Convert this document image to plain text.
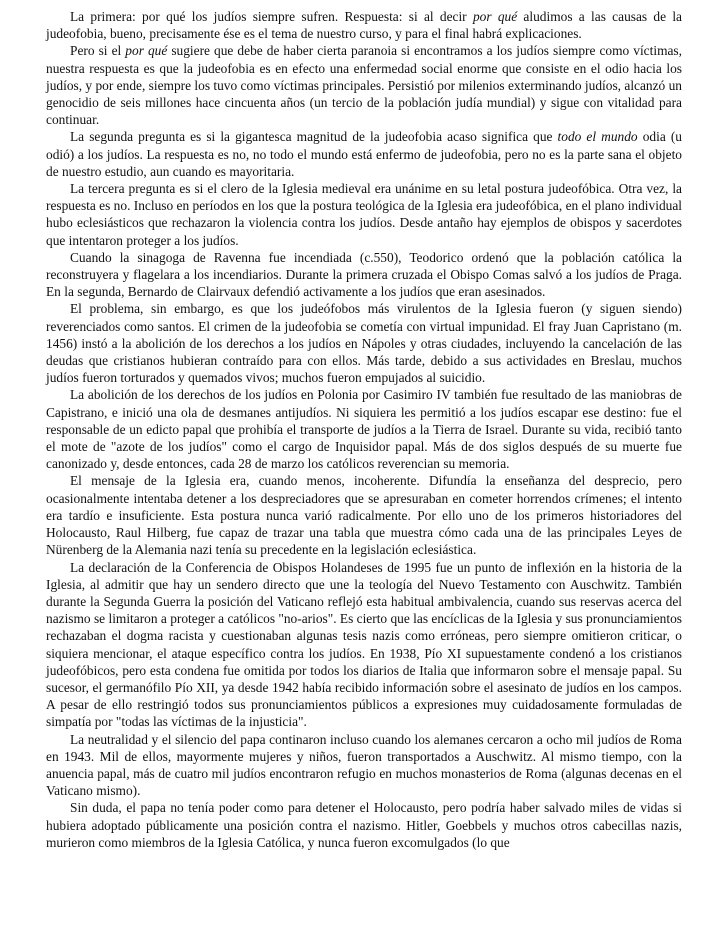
La primera: por qué los judíos siempre sufren. Respuesta: si al decir por qué aludimos a las causas de la judeofobia, bueno, precisamente ése es el tema de nuestro curso, y para el final habrá explicaciones.

Pero si el por qué sugiere que debe de haber cierta paranoia si encontramos a los judíos siempre como víctimas, nuestra respuesta es que la judeofobia es en efecto una enfermedad social enorme que consiste en el odio hacia los judíos, y por ende, siempre los tuvo como víctimas principales. Persistió por milenios exterminando judíos, alcanzó un genocidio de seis millones hace cincuenta años (un tercio de la población judía mundial) y sigue con vitalidad para continuar.

La segunda pregunta es si la gigantesca magnitud de la judeofobia acaso significa que todo el mundo odia (u odió) a los judíos. La respuesta es no, no todo el mundo está enfermo de judeofobia, pero no es la parte sana el objeto de nuestro estudio, aun cuando es mayoritaria.

La tercera pregunta es si el clero de la Iglesia medieval era unánime en su letal postura judeofóbica. Otra vez, la respuesta es no. Incluso en períodos en los que la postura teológica de la Iglesia era judeofóbica, en el plano individual hubo eclesiásticos que rechazaron la violencia contra los judíos. Desde antaño hay ejemplos de obispos y sacerdotes que intentaron proteger a los judíos.

Cuando la sinagoga de Ravenna fue incendiada (c.550), Teodorico ordenó que la población católica la reconstruyera y flagelara a los incendiarios. Durante la primera cruzada el Obispo Comas salvó a los judíos de Praga. En la segunda, Bernardo de Clairvaux defendió activamente a los judíos que eran asesinados.

El problema, sin embargo, es que los judeófobos más virulentos de la Iglesia fueron (y siguen siendo) reverenciados como santos. El crimen de la judeofobia se cometía con virtual impunidad. El fray Juan Capristano (m. 1456) instó a la abolición de los derechos a los judíos en Nápoles y otras ciudades, incluyendo la cancelación de las deudas que cristianos hubieran contraído para con ellos. Más tarde, debido a sus actividades en Breslau, muchos judíos fueron torturados y quemados vivos; muchos fueron empujados al suicidio.

La abolición de los derechos de los judíos en Polonia por Casimiro IV también fue resultado de las maniobras de Capistrano, e inició una ola de desmanes antijudíos. Ni siquiera les permitió a los judíos escapar ese destino: fue el responsable de un edicto papal que prohibía el transporte de judíos a la Tierra de Israel. Durante su vida, recibió tanto el mote de "azote de los judíos" como el cargo de Inquisidor papal. Más de dos siglos después de su muerte fue canonizado y, desde entonces, cada 28 de marzo los católicos reverencian su memoria.

El mensaje de la Iglesia era, cuando menos, incoherente. Difundía la enseñanza del desprecio, pero ocasionalmente intentaba detener a los despreciadores que se apresuraban en cometer horrendos crímenes; el intento era tardío e insuficiente. Esta postura nunca varió radicalmente. Por ello uno de los primeros historiadores del Holocausto, Raul Hilberg, fue capaz de trazar una tabla que muestra cómo cada una de las principales Leyes de Nürenberg de la Alemania nazi tenía su precedente en la legislación eclesiástica.

La declaración de la Conferencia de Obispos Holandeses de 1995 fue un punto de inflexión en la historia de la Iglesia, al admitir que hay un sendero directo que une la teología del Nuevo Testamento con Auschwitz. También durante la Segunda Guerra la posición del Vaticano reflejó esta habitual ambivalencia, cuando sus reservas acerca del nazismo se limitaron a proteger a católicos "no-arios". Es cierto que las encíclicas de la Iglesia y sus pronunciamientos rechazaban el dogma racista y cuestionaban algunas tesis nazis como erróneas, pero siempre omitieron criticar, o siquiera mencionar, el ataque específico contra los judíos. En 1938, Pío XI supuestamente condenó a los cristianos judeofóbicos, pero esta condena fue omitida por todos los diarios de Italia que informaron sobre el mensaje papal. Su sucesor, el germanófilo Pío XII, ya desde 1942 había recibido información sobre el asesinato de judíos en los campos. A pesar de ello restringió todos sus pronunciamientos públicos a expresiones muy cuidadosamente formuladas de simpatía por "todas las víctimas de la injusticia".

La neutralidad y el silencio del papa continaron incluso cuando los alemanes cercaron a ocho mil judíos de Roma en 1943. Mil de ellos, mayormente mujeres y niños, fueron transportados a Auschwitz. Al mismo tiempo, con la anuencia papal, más de cuatro mil judíos encontraron refugio en muchos monasterios de Roma (algunas decenas en el Vaticano mismo).

Sin duda, el papa no tenía poder como para detener el Holocausto, pero podría haber salvado miles de vidas si hubiera adoptado públicamente una posición contra el nazismo. Hitler, Goebbels y muchos otros cabecillas nazis, murieron como miembros de la Iglesia Católica, y nunca fueron excomulgados (lo que
